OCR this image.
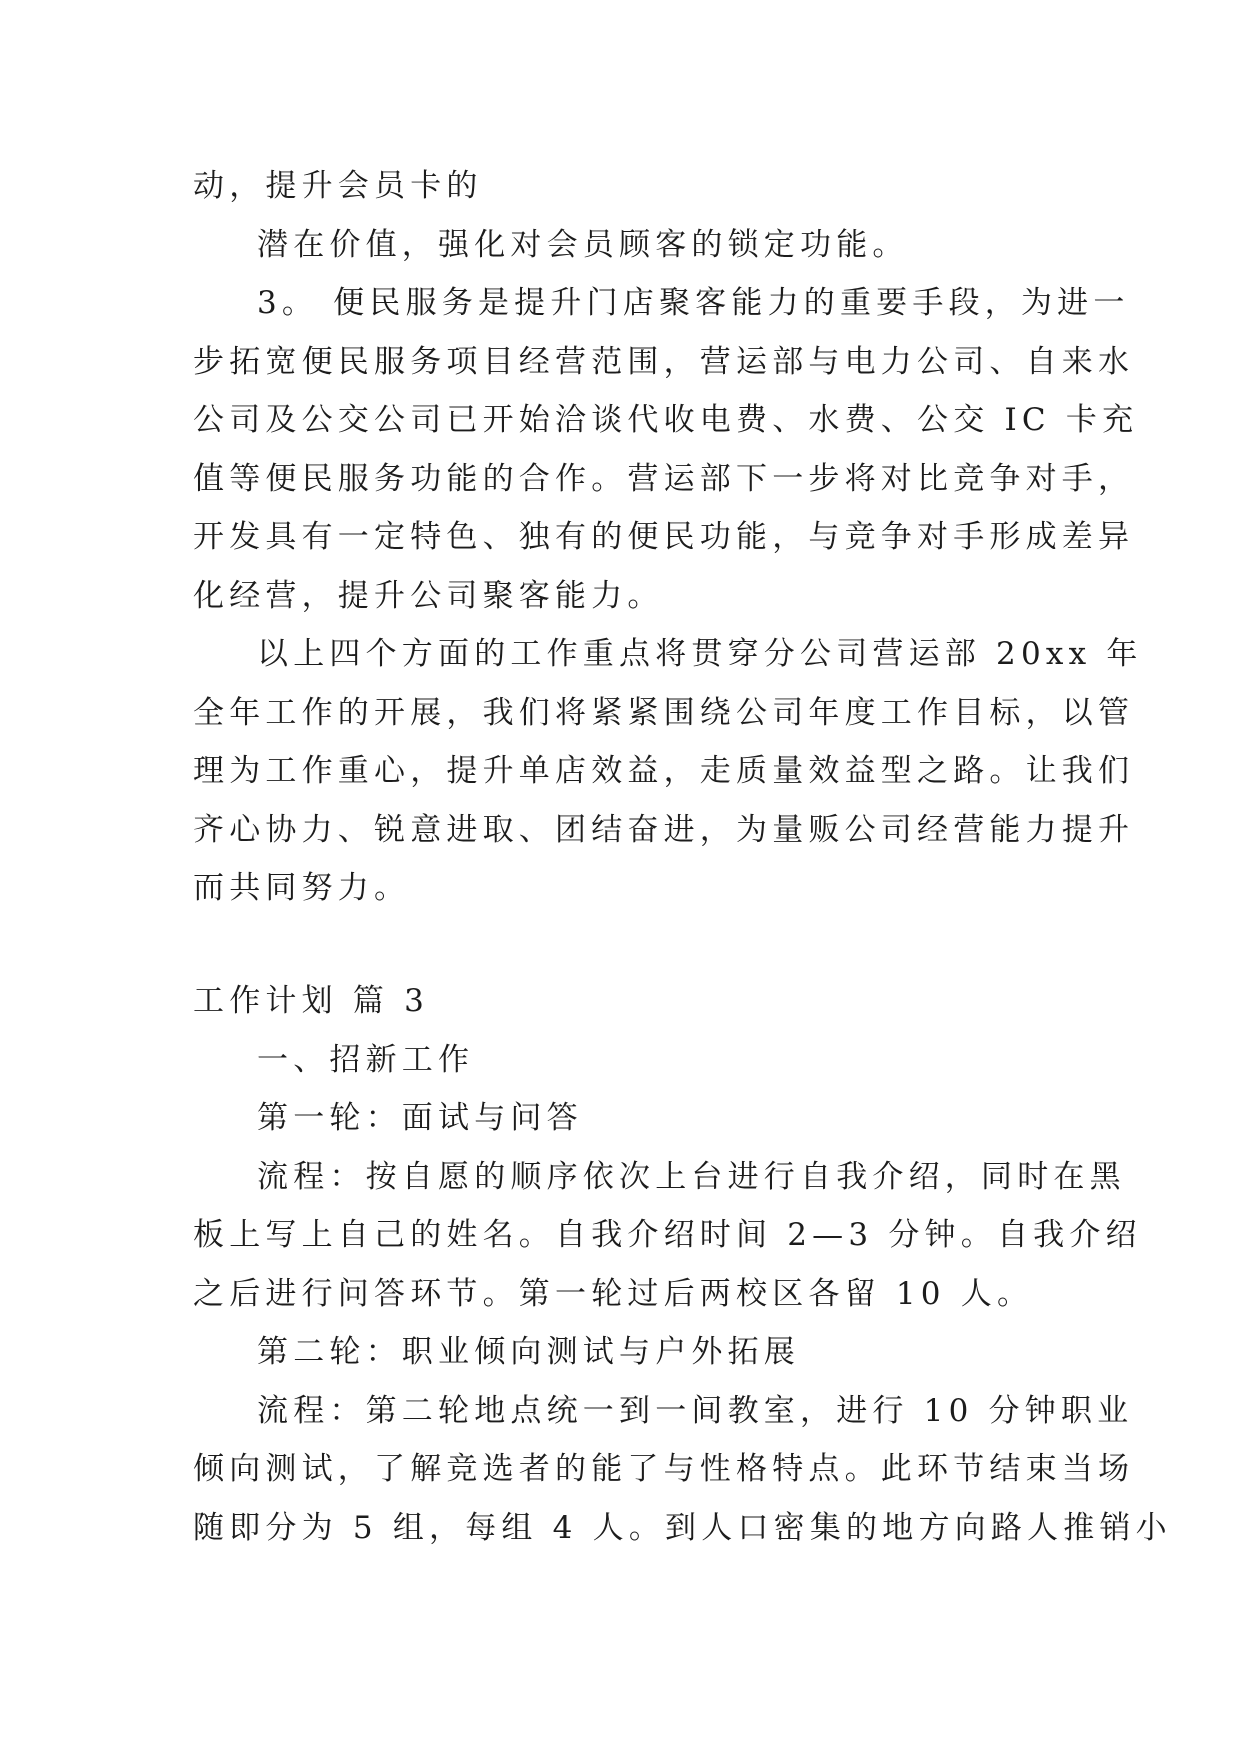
动，提升会员卡的
潜在价值，强化对会员顾客的锁定功能。
3。 便民服务是提升门店聚客能力的重要手段，为进一
步拓宽便民服务项目经营范围，营运部与电力公司、自来水
公司及公交公司已开始洽谈代收电费、水费、公交 IC 卡充
值等便民服务功能的合作。营运部下一步将对比竞争对手，
开发具有一定特色、独有的便民功能，与竞争对手形成差异
化经营，提升公司聚客能力。
以上四个方面的工作重点将贯穿分公司营运部 20xx 年
全年工作的开展，我们将紧紧围绕公司年度工作目标，以管
理为工作重心，提升单店效益，走质量效益型之路。让我们
齐心协力、锐意进取、团结奋进，为量贩公司经营能力提升
而共同努力。
工作计划 篇 3
一、招新工作
第一轮：面试与问答
流程：按自愿的顺序依次上台进行自我介绍，同时在黑
板上写上自己的姓名。自我介绍时间 2—3 分钟。自我介绍
之后进行问答环节。第一轮过后两校区各留 10 人。
第二轮：职业倾向测试与户外拓展
流程：第二轮地点统一到一间教室，进行 10 分钟职业
倾向测试，了解竞选者的能了与性格特点。此环节结束当场
随即分为 5 组，每组 4 人。到人口密集的地方向路人推销小
